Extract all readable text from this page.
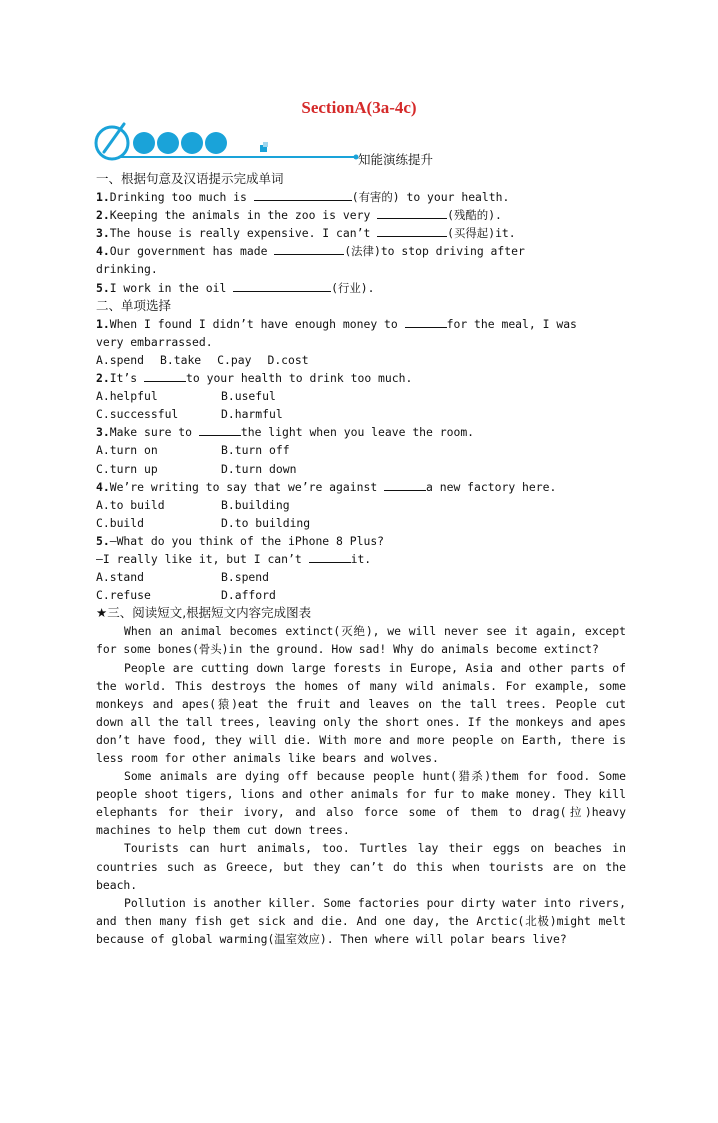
SectionA(3a-4c)
知能演练提升
一、根据句意及汉语提示完成单词
1.Drinking too much is	(有害的) to your health.
2.Keeping the animals in the zoo is very	(残酷的).
3.The house is really expensive. I can’t	(买得起)it.
4.Our government has made	(法律)to stop driving after
drinking.
5.I work in the oil	(行业).
二、单项选择
1.When I found I didn’t have enough money to	for the meal, I was
very embarrassed.
A.spend B.take C.pay D.cost
2.It’s	to your health to drink too much.
A.helpful	B.useful
C.successful	D.harmful
3.Make sure to	the light when you leave the room.
A.turn on	B.turn off
C.turn up	D.turn down
4.We’re writing to say that we’re against	a new factory here.
A.to build	B.building
C.build	D.to building
5.—What do you think of the iPhone 8 Plus?
—I really like it, but I can’t	it.
A.stand	B.spend
C.refuse	D.afford
★三、阅读短文,根据短文内容完成图表
When an animal becomes extinct(灭绝), we will never see it again, except for some bones(骨头)in the ground. How sad! Why do animals become extinct?
People are cutting down large forests in Europe, Asia and other parts of the world. This destroys the homes of many wild animals. For example, some monkeys and apes(猿)eat the fruit and leaves on the tall trees. People cut down all the tall trees, leaving only the short ones. If the monkeys and apes don’t have food, they will die. With more and more people on Earth, there is less room for other animals like bears and wolves.
Some animals are dying off because people hunt(猎杀)them for food. Some people shoot tigers, lions and other animals for fur to make money. They kill elephants for their ivory, and also force some of them to drag(拉)heavy machines to help them cut down trees.
Tourists can hurt animals, too. Turtles lay their eggs on beaches in countries such as Greece, but they can’t do this when tourists are on the beach.
Pollution is another killer. Some factories pour dirty water into rivers, and then many fish get sick and die. And one day, the Arctic(北极)might melt because of global warming(温室效应). Then where will polar bears live?
